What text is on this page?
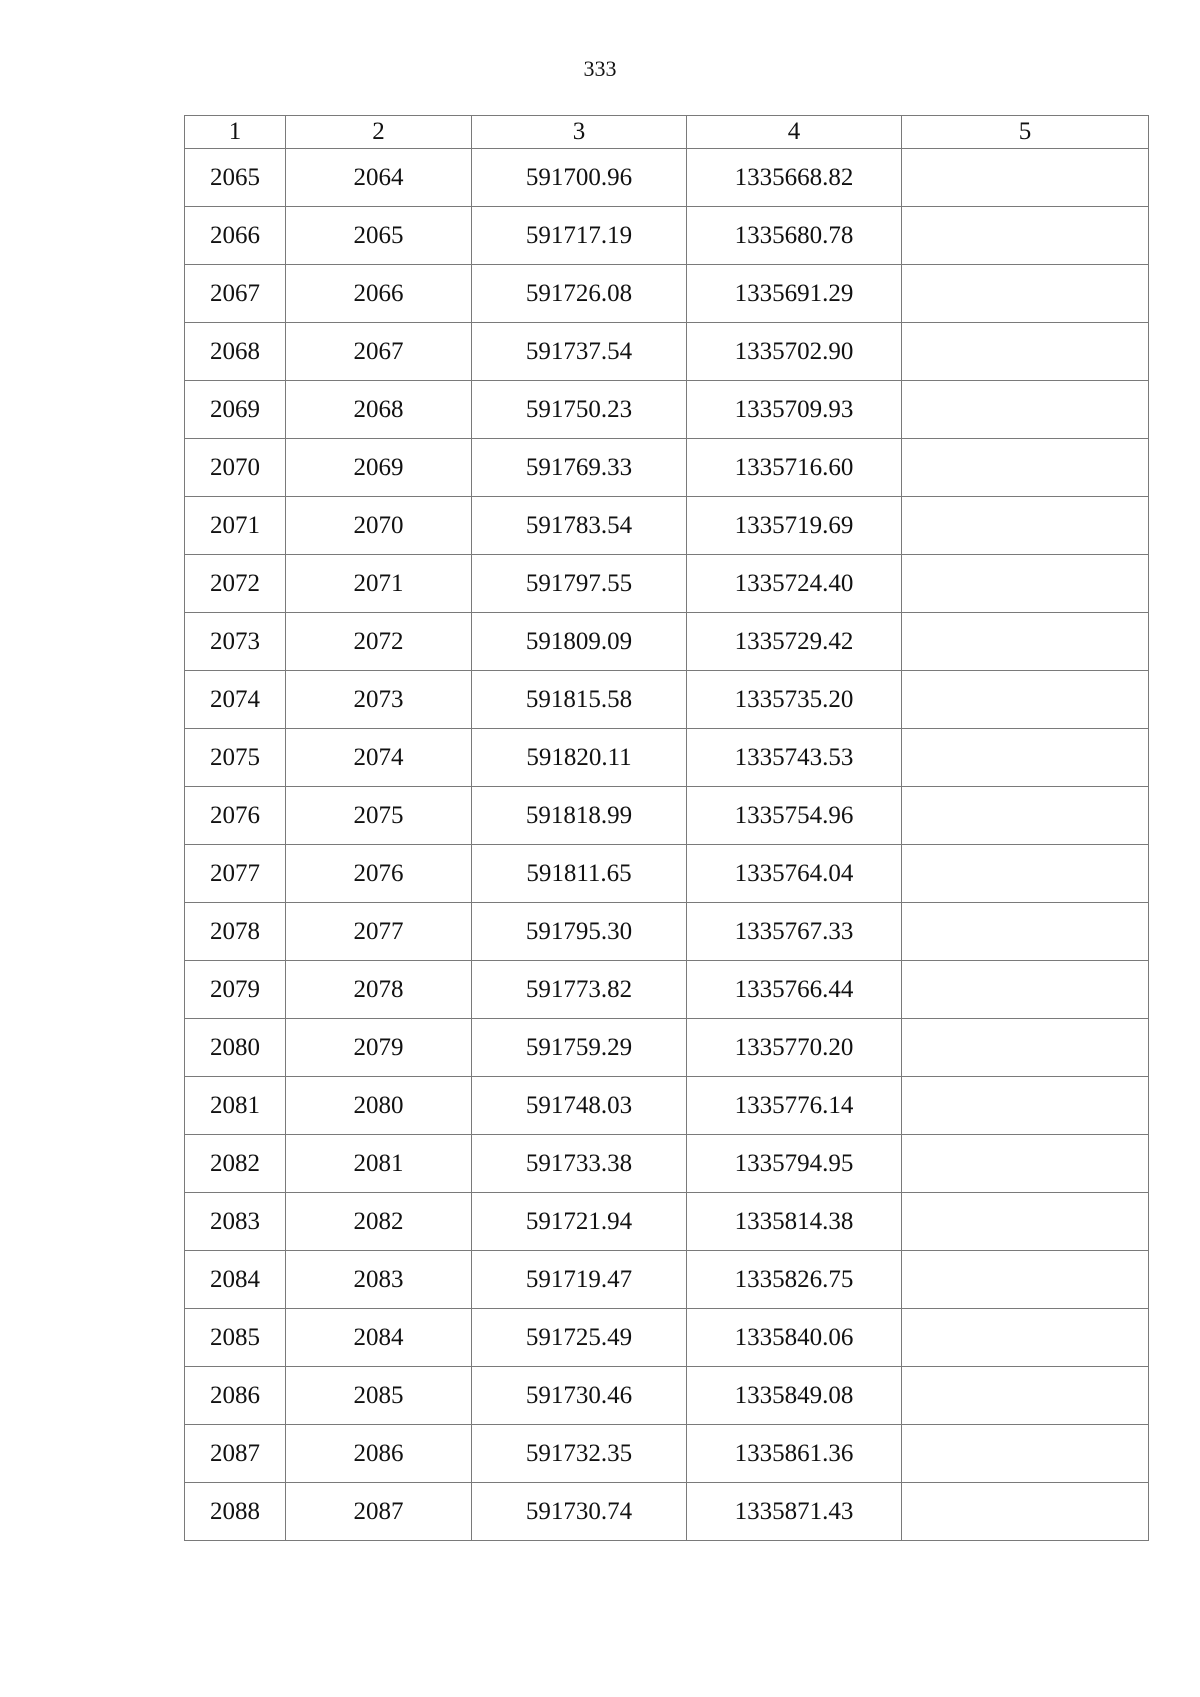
333
1	2	3	4	5
2065	2064	591700.96	1335668.82	
2066	2065	591717.19	1335680.78	
2067	2066	591726.08	1335691.29	
2068	2067	591737.54	1335702.90	
2069	2068	591750.23	1335709.93	
2070	2069	591769.33	1335716.60	
2071	2070	591783.54	1335719.69	
2072	2071	591797.55	1335724.40	
2073	2072	591809.09	1335729.42	
2074	2073	591815.58	1335735.20	
2075	2074	591820.11	1335743.53	
2076	2075	591818.99	1335754.96	
2077	2076	591811.65	1335764.04	
2078	2077	591795.30	1335767.33	
2079	2078	591773.82	1335766.44	
2080	2079	591759.29	1335770.20	
2081	2080	591748.03	1335776.14	
2082	2081	591733.38	1335794.95	
2083	2082	591721.94	1335814.38	
2084	2083	591719.47	1335826.75	
2085	2084	591725.49	1335840.06	
2086	2085	591730.46	1335849.08	
2087	2086	591732.35	1335861.36	
2088	2087	591730.74	1335871.43	
